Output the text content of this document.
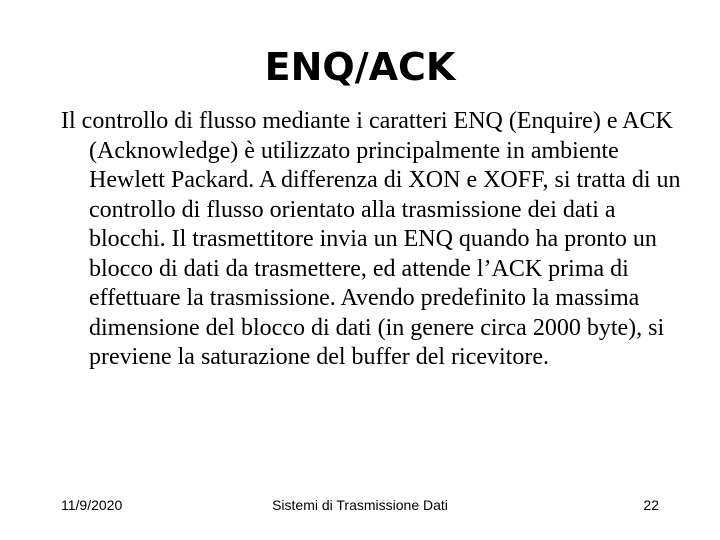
ENQ/ACK

Il controllo di flusso mediante i caratteri ENQ (Enquire) e ACK (Acknowledge) è utilizzato principalmente in ambiente Hewlett Packard. A differenza di XON e XOFF, si tratta di un controllo di flusso orientato alla trasmissione dei dati a blocchi. Il trasmettitore invia un ENQ quando ha pronto un blocco di dati da trasmettere, ed attende l’ACK prima di effettuare la trasmissione. Avendo predefinito la massima dimensione del blocco di dati (in genere circa 2000 byte), si previene la saturazione del buffer del ricevitore.

11/9/2020	Sistemi di Trasmissione Dati	22
